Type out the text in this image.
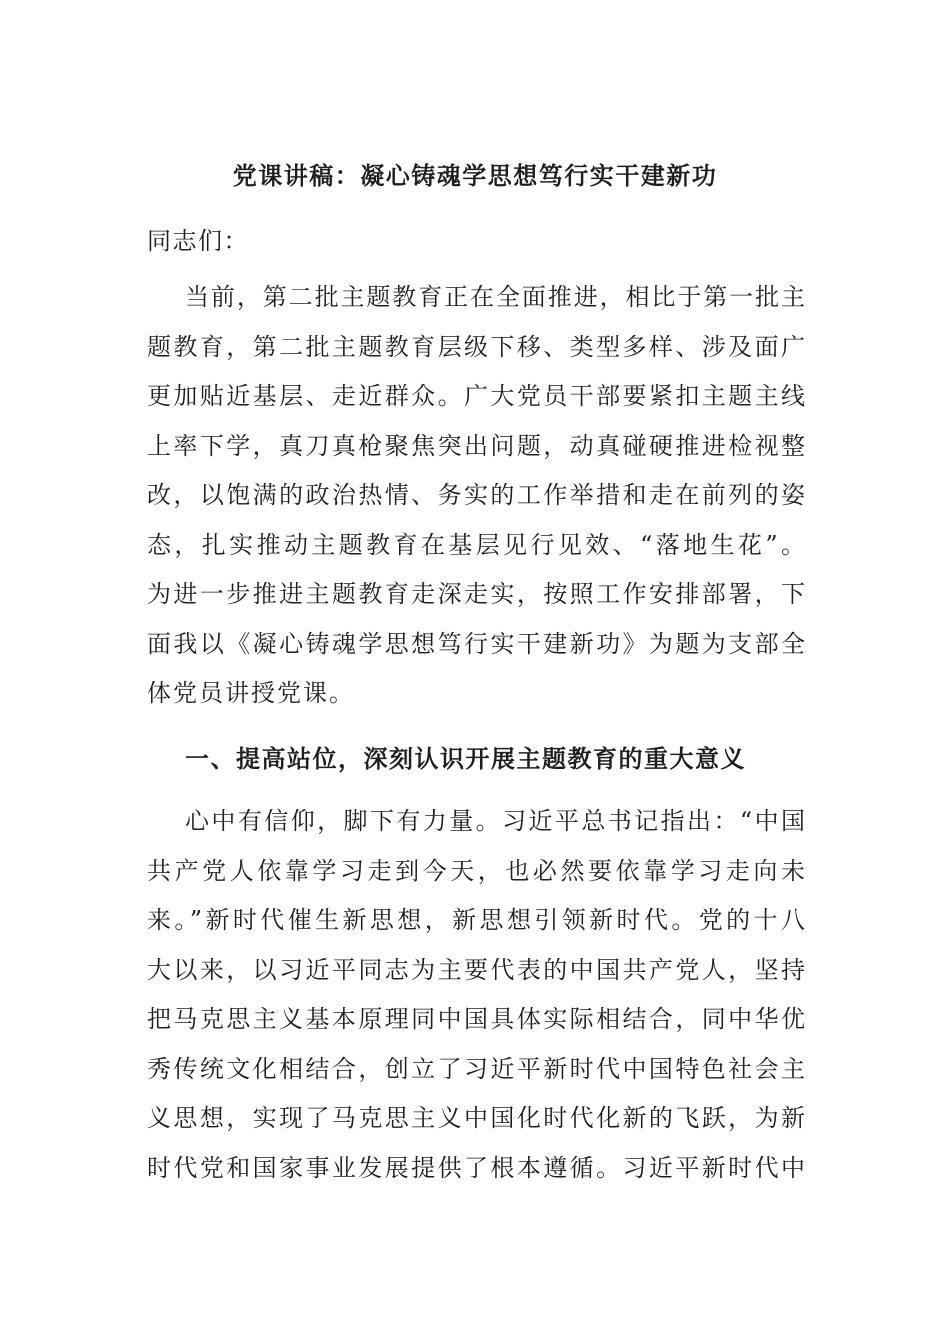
党课讲稿：凝心铸魂学思想笃行实干建新功
同志们：
当前，第二批主题教育正在全面推进，相比于第一批主
题教育，第二批主题教育层级下移、类型多样、涉及面广
更加贴近基层、走近群众。广大党员干部要紧扣主题主线
上率下学，真刀真枪聚焦突出问题，动真碰硬推进检视整
改，以饱满的政治热情、务实的工作举措和走在前列的姿
态，扎实推动主题教育在基层见行见效、“落地生花”。
为进一步推进主题教育走深走实，按照工作安排部署，下
面我以《凝心铸魂学思想笃行实干建新功》为题为支部全
体党员讲授党课。
一、提高站位，深刻认识开展主题教育的重大意义
心中有信仰，脚下有力量。习近平总书记指出：“中国
共产党人依靠学习走到今天，也必然要依靠学习走向未
来。”新时代催生新思想，新思想引领新时代。党的十八
大以来，以习近平同志为主要代表的中国共产党人，坚持
把马克思主义基本原理同中国具体实际相结合，同中华优
秀传统文化相结合，创立了习近平新时代中国特色社会主
义思想，实现了马克思主义中国化时代化新的飞跃，为新
时代党和国家事业发展提供了根本遵循。习近平新时代中
